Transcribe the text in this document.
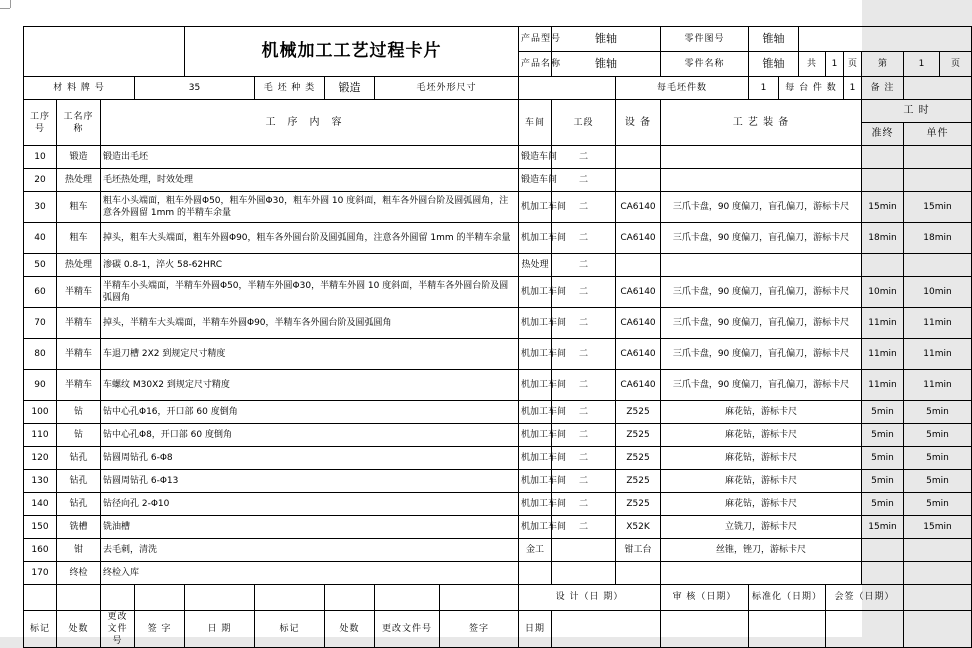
				机械加工工艺过程卡片					产品型号	锥轴		零件图号	锥轴								
									产品名称	锥轴		零件名称	锥轴		共	1	页	第	1	页	
材 料 牌 号			35		毛 坯 种 类	锻造	毛坯外形尺寸				每毛坯件数		1	每 台 件 数			1	备 注			
工序号	工名序称	工序内容							车间	工段	设 备	工 艺 装 备						工 时			
																		准终	单件		
10	锻造	锻造出毛坯							锻造车间	二											
20	热处理	毛坯热处理，时效处理							锻造车间	二											
30	粗车	粗车小头端面，粗车外圆Φ50，粗车外圆Φ30，粗车外圆 10 度斜面，粗车各外圆台阶及圆弧圆角，注意各外圆留 1mm 的半精车余量							机加工车间	二	CA6140	三爪卡盘，90 度偏刀，盲孔偏刀，游标卡尺						15min	15min		
40	粗车	掉头，粗车大头端面，粗车外圆Φ90，粗车各外圆台阶及圆弧圆角，注意各外圆留 1mm 的半精车余量							机加工车间	二	CA6140	三爪卡盘，90 度偏刀，盲孔偏刀，游标卡尺						18min	18min		
50	热处理	渗碳 0.8-1，淬火 58-62HRC							热处理	二											
60	半精车	半精车小头端面，半精车外圆Φ50，半精车外圆Φ30，半精车外圆 10 度斜面，半精车各外圆台阶及圆弧圆角							机加工车间	二	CA6140	三爪卡盘，90 度偏刀，盲孔偏刀，游标卡尺						10min	10min		
70	半精车	掉头，半精车大头端面，半精车外圆Φ90，半精车各外圆台阶及圆弧圆角							机加工车间	二	CA6140	三爪卡盘，90 度偏刀，盲孔偏刀，游标卡尺						11min	11min		
80	半精车	车退刀槽 2X2 到规定尺寸精度							机加工车间	二	CA6140	三爪卡盘，90 度偏刀，盲孔偏刀，游标卡尺						11min	11min		
90	半精车	车螺纹 M30X2 到规定尺寸精度							机加工车间	二	CA6140	三爪卡盘，90 度偏刀，盲孔偏刀，游标卡尺						11min	11min		
100	钻	钻中心孔Φ16，开口部 60 度倒角							机加工车间	二	Z525	麻花钻，游标卡尺						5min	5min		
110	钻	钻中心孔Φ8，开口部 60 度倒角							机加工车间	二	Z525	麻花钻，游标卡尺						5min	5min		
120	钻孔	钻圆周钻孔 6-Φ8							机加工车间	二	Z525	麻花钻，游标卡尺						5min	5min		
130	钻孔	钻圆周钻孔 6-Φ13							机加工车间	二	Z525	麻花钻，游标卡尺						5min	5min		
140	钻孔	钻径向孔 2-Φ10							机加工车间	二	Z525	麻花钻，游标卡尺						5min	5min		
150	铣槽	铣油槽							机加工车间	二	X52K	立铣刀，游标卡尺						15min	15min		
160	钳	去毛刺，清洗							金工		钳工台	丝锥，锉刀，游标卡尺									
170	终检	终检入库																			
									设 计（日 期）			审 核（日期）	标准化（日期）			会签（日期）					
标记	处数	更改文件号	签 字	日 期	标记	处数	更改文件号	签字	日期												
